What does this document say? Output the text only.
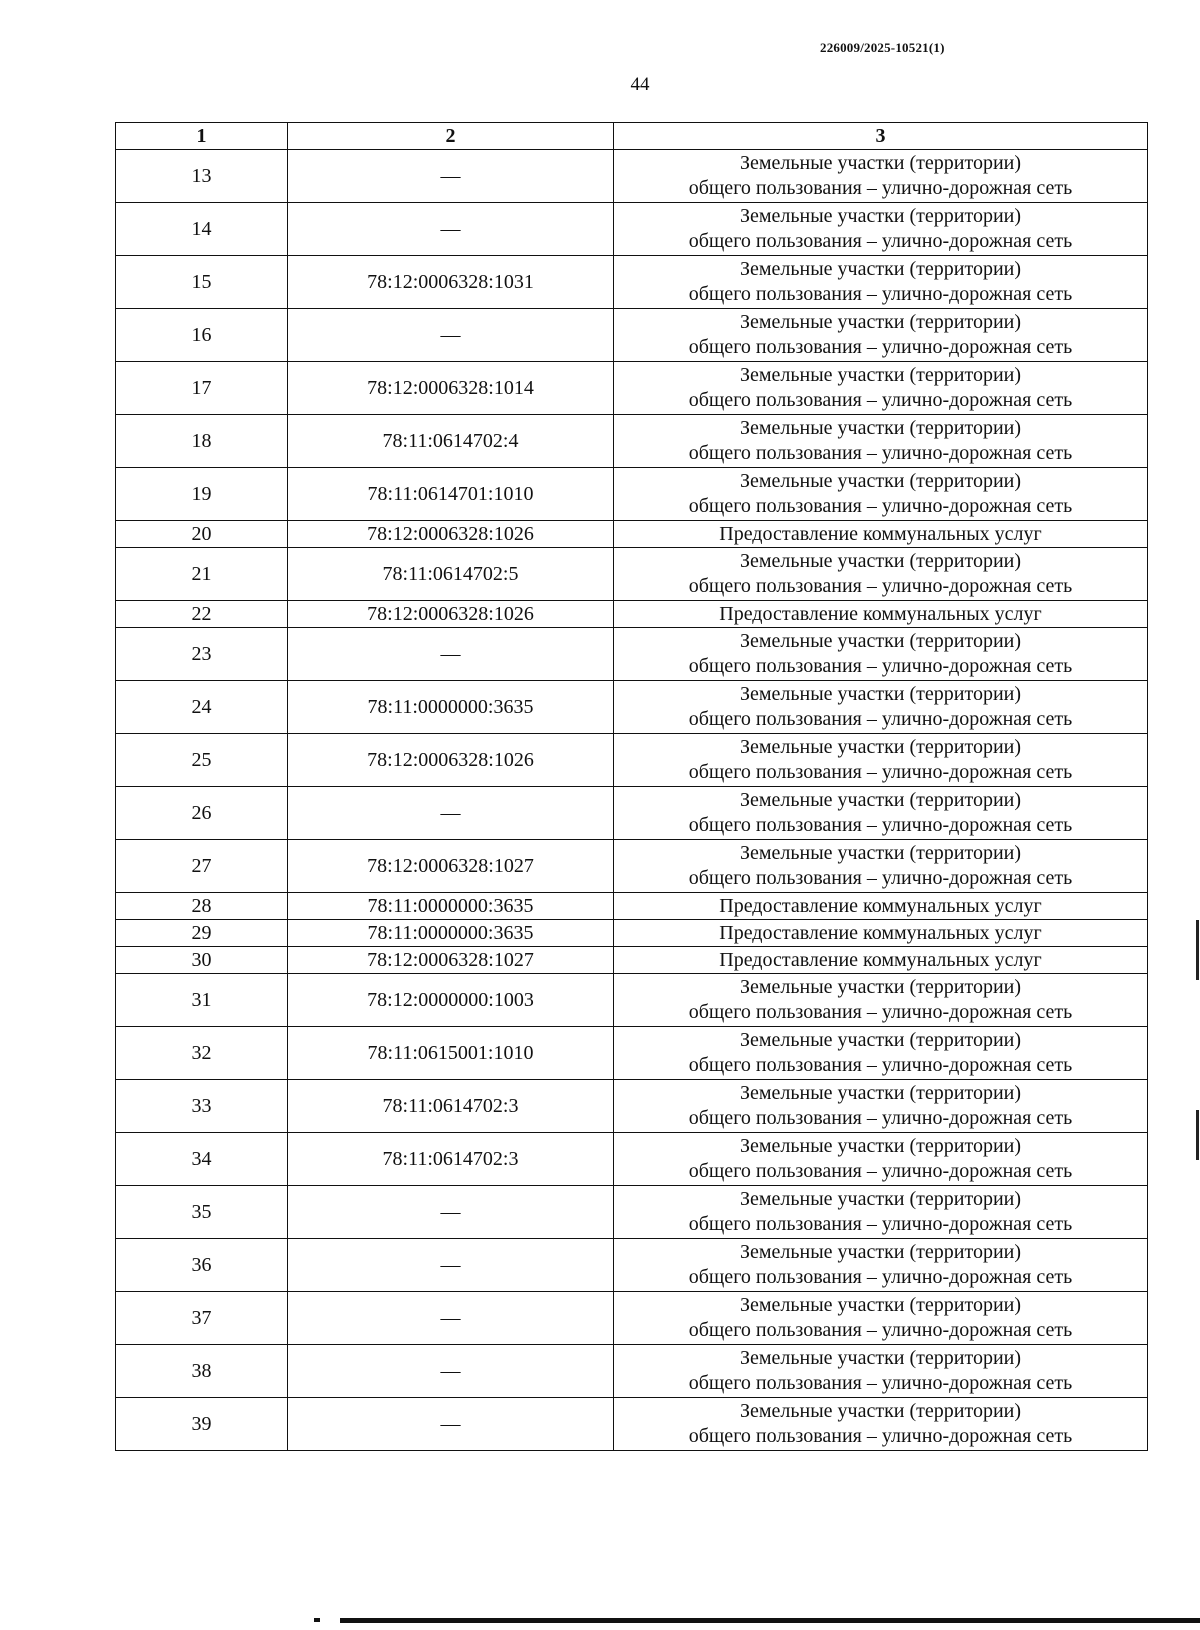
226009/2025-10521(1)
44
1	2	3
13	—	Земельные участки (территории)
общего пользования – улично-дорожная сеть

14	—	Земельные участки (территории)
общего пользования – улично-дорожная сеть

15	78:12:0006328:1031	Земельные участки (территории)
общего пользования – улично-дорожная сеть

16	—	Земельные участки (территории)
общего пользования – улично-дорожная сеть

17	78:12:0006328:1014	Земельные участки (территории)
общего пользования – улично-дорожная сеть

18	78:11:0614702:4	Земельные участки (территории)
общего пользования – улично-дорожная сеть

19	78:11:0614701:1010	Земельные участки (территории)
общего пользования – улично-дорожная сеть

20	78:12:0006328:1026	Предоставление коммунальных услуг

21	78:11:0614702:5	Земельные участки (территории)
общего пользования – улично-дорожная сеть

22	78:12:0006328:1026	Предоставление коммунальных услуг

23	—	Земельные участки (территории)
общего пользования – улично-дорожная сеть

24	78:11:0000000:3635	Земельные участки (территории)
общего пользования – улично-дорожная сеть

25	78:12:0006328:1026	Земельные участки (территории)
общего пользования – улично-дорожная сеть

26	—	Земельные участки (территории)
общего пользования – улично-дорожная сеть

27	78:12:0006328:1027	Земельные участки (территории)
общего пользования – улично-дорожная сеть

28	78:11:0000000:3635	Предоставление коммунальных услуг

29	78:11:0000000:3635	Предоставление коммунальных услуг

30	78:12:0006328:1027	Предоставление коммунальных услуг

31	78:12:0000000:1003	Земельные участки (территории)
общего пользования – улично-дорожная сеть

32	78:11:0615001:1010	Земельные участки (территории)
общего пользования – улично-дорожная сеть

33	78:11:0614702:3	Земельные участки (территории)
общего пользования – улично-дорожная сеть

34	78:11:0614702:3	Земельные участки (территории)
общего пользования – улично-дорожная сеть

35	—	Земельные участки (территории)
общего пользования – улично-дорожная сеть

36	—	Земельные участки (территории)
общего пользования – улично-дорожная сеть

37	—	Земельные участки (территории)
общего пользования – улично-дорожная сеть

38	—	Земельные участки (территории)
общего пользования – улично-дорожная сеть

39	—	Земельные участки (территории)
общего пользования – улично-дорожная сеть
